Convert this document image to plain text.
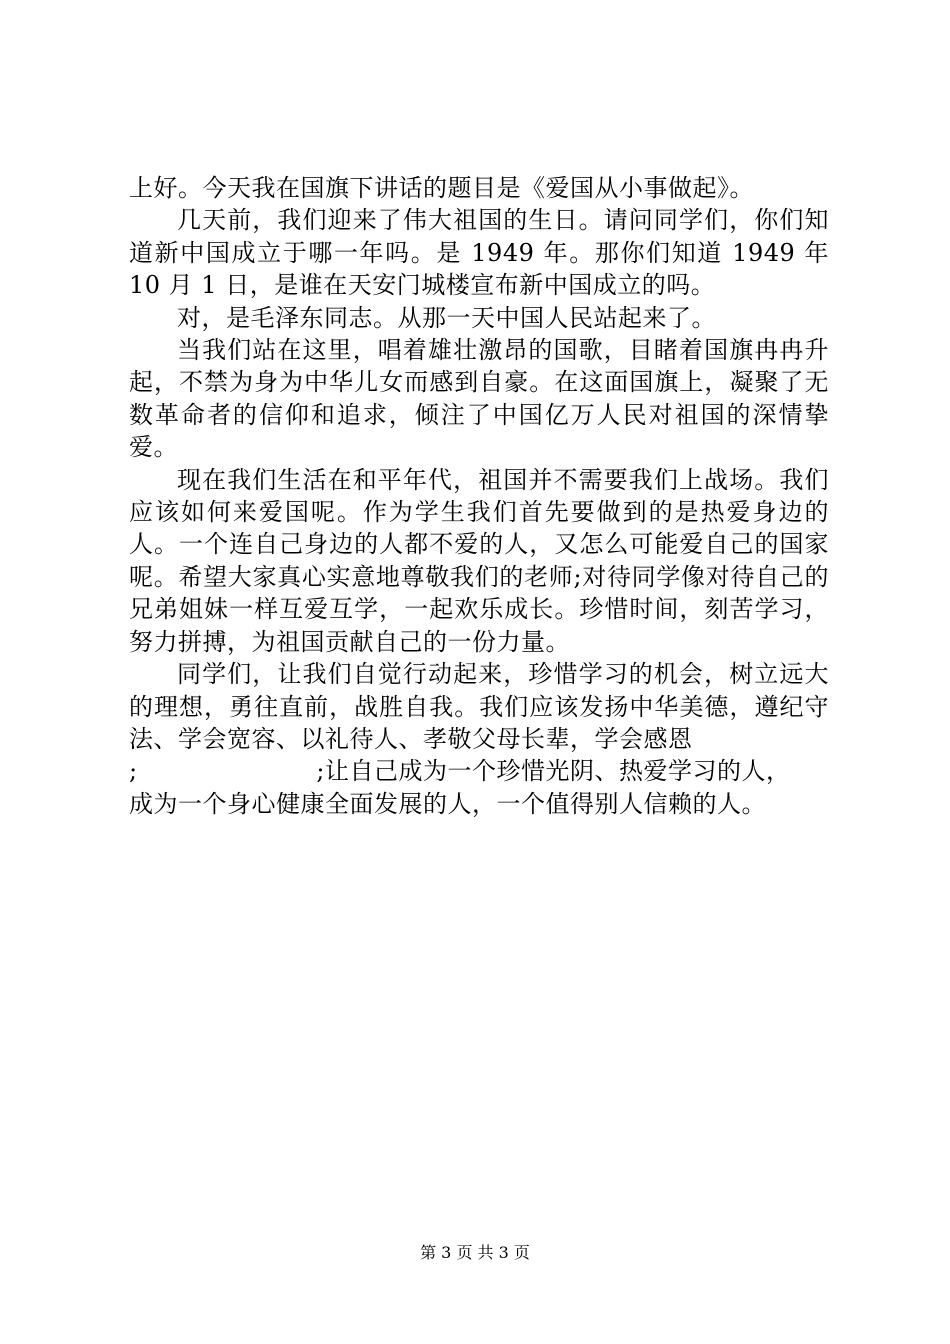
上好。今天我在国旗下讲话的题目是《爱国从小事做起》。

几天前，我们迎来了伟大祖国的生日。请问同学们，你们知道新中国成立于哪一年吗。是 1949 年。那你们知道 1949 年 10 月 1 日，是谁在天安门城楼宣布新中国成立的吗。

对，是毛泽东同志。从那一天中国人民站起来了。

当我们站在这里，唱着雄壮激昂的国歌，目睹着国旗冉冉升起，不禁为身为中华儿女而感到自豪。在这面国旗上，凝聚了无数革命者的信仰和追求，倾注了中国亿万人民对祖国的深情挚爱。

现在我们生活在和平年代，祖国并不需要我们上战场。我们应该如何来爱国呢。作为学生我们首先要做到的是热爱身边的人。一个连自己身边的人都不爱的人，又怎么可能爱自己的国家呢。希望大家真心实意地尊敬我们的老师;对待同学像对待自己的兄弟姐妹一样互爱互学，一起欢乐成长。珍惜时间，刻苦学习，努力拼搏，为祖国贡献自己的一份力量。

同学们，让我们自觉行动起来，珍惜学习的机会，树立远大的理想，勇往直前，战胜自我。我们应该发扬中华美德，遵纪守法、学会宽容、以礼待人、孝敬父母长辈，学会感恩

;                      ;让自己成为一个珍惜光阴、热爱学习的人，

成为一个身心健康全面发展的人，一个值得别人信赖的人。

第 3 页 共 3 页
